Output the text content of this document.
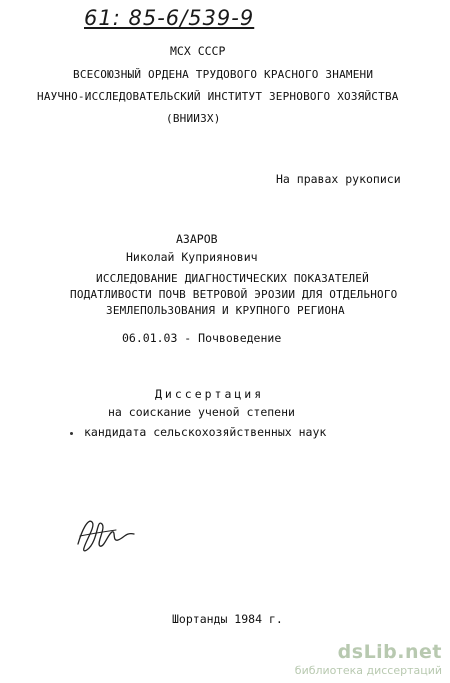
61: 85-6/539-9
МСХ СССР
ВСЕСОЮЗНЫЙ ОРДЕНА ТРУДОВОГО КРАСНОГО ЗНАМЕНИ
НАУЧНО-ИССЛЕДОВАТЕЛЬСКИЙ ИНСТИТУТ ЗЕРНОВОГО ХОЗЯЙСТВА
(ВНИИЗХ)
На правах рукописи
АЗАРОВ
Николай Куприянович
ИССЛЕДОВАНИЕ ДИАГНОСТИЧЕСКИХ ПОКАЗАТЕЛЕЙ
ПОДАТЛИВОСТИ ПОЧВ ВЕТРОВОЙ ЭРОЗИИ ДЛЯ ОТДЕЛЬНОГО
ЗЕМЛЕПОЛЬЗОВАНИЯ И КРУПНОГО РЕГИОНА
06.01.03 - Почвоведение
Диссертация
на соискание ученой степени
кандидата сельскохозяйственных наук
Шортанды 1984 г.
dsLib.net
библиотека диссертаций
